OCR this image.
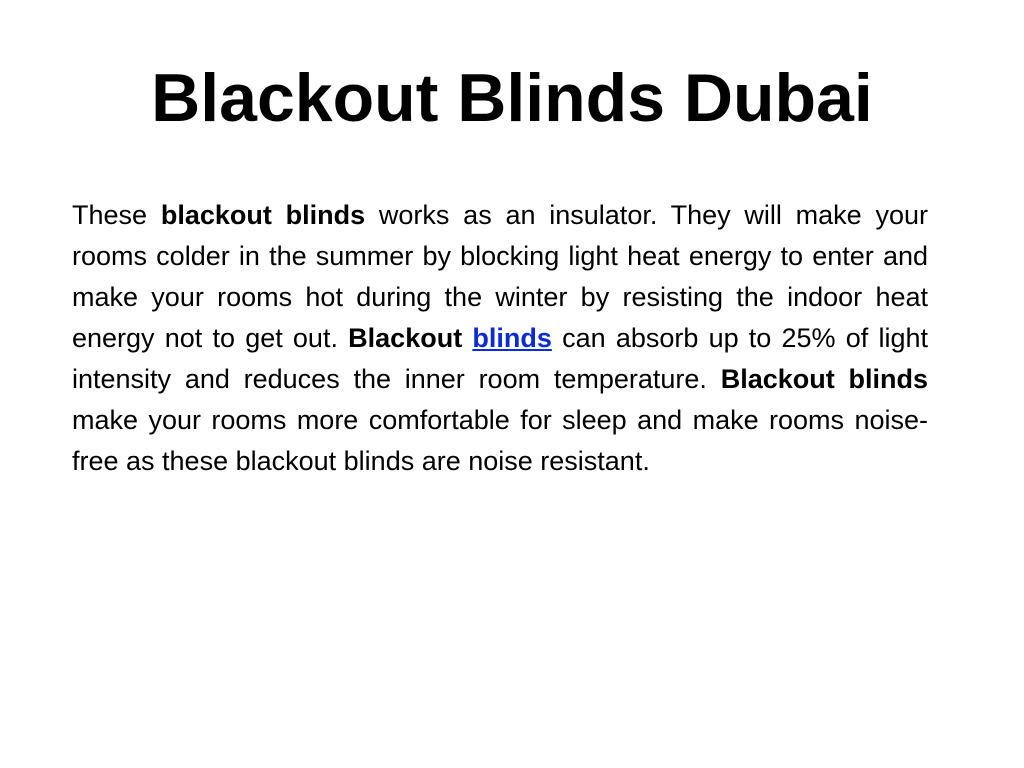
Blackout Blinds Dubai

These blackout blinds works as an insulator. They will make your rooms colder in the summer by blocking light heat energy to enter and make your rooms hot during the winter by resisting the indoor heat energy not to get out. Blackout blinds can absorb up to 25% of light intensity and reduces the inner room temperature. Blackout blinds make your rooms more comfortable for sleep and make rooms noise-free as these blackout blinds are noise resistant.
